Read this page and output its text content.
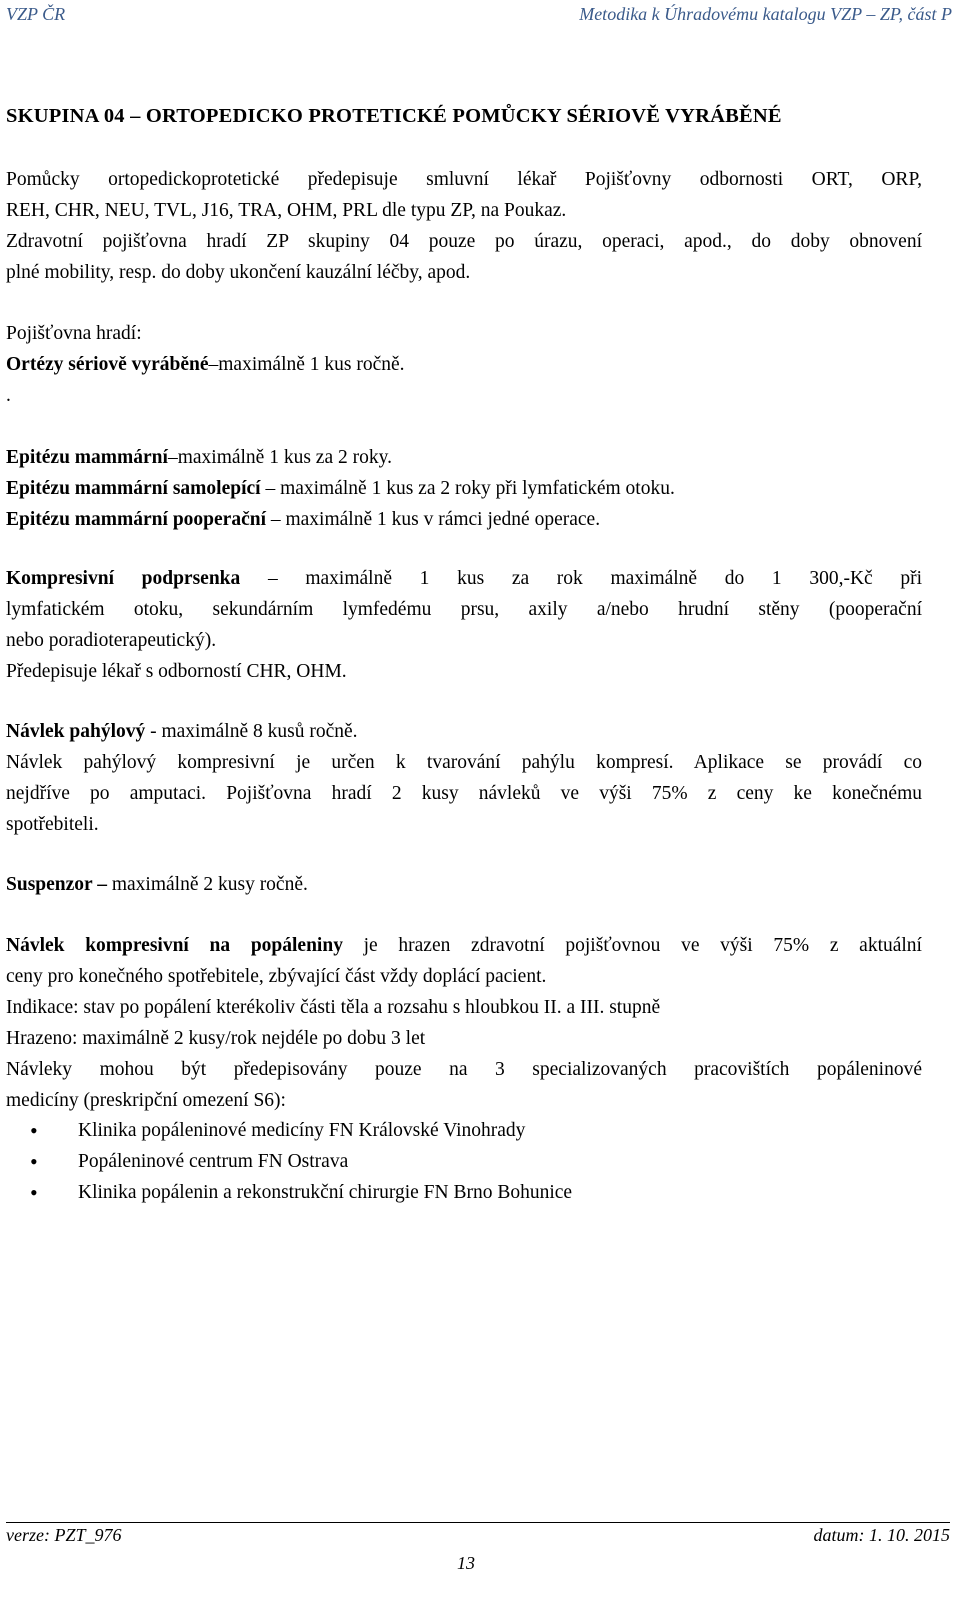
VZP ČR	Metodika k Úhradovému katalogu VZP – ZP, část P
SKUPINA 04 – ORTOPEDICKO PROTETICKÉ POMŮCKY SÉRIOVĚ VYRÁBĚNÉ
Pomůcky ortopedickoprotetické předepisuje smluvní lékař Pojišťovny odbornosti ORT, ORP,
REH, CHR, NEU, TVL, J16, TRA, OHM, PRL dle typu ZP, na Poukaz.
Zdravotní pojišťovna hradí ZP skupiny 04 pouze po úrazu, operaci, apod., do doby obnovení
plné mobility, resp. do doby ukončení kauzální léčby, apod.
Pojišťovna hradí:
Ortézy sériově vyráběné–maximálně 1 kus ročně.
.
Epitézu mammární–maximálně 1 kus za 2 roky.
Epitézu mammární samolepící – maximálně 1 kus za 2 roky při lymfatickém otoku.
Epitézu mammární pooperační – maximálně 1 kus v rámci jedné operace.
Kompresivní podprsenka – maximálně 1 kus za rok maximálně do 1 300,-Kč při
lymfatickém otoku, sekundárním lymfedému prsu, axily a/nebo hrudní stěny (pooperační
nebo poradioterapeutický).
Předepisuje lékař s odborností CHR, OHM.
Návlek pahýlový - maximálně 8 kusů ročně.
Návlek pahýlový kompresivní je určen k tvarování pahýlu kompresí. Aplikace se provádí co
nejdříve po amputaci. Pojišťovna hradí 2 kusy návleků ve výši 75% z ceny ke konečnému
spotřebiteli.
Suspenzor – maximálně 2 kusy ročně.
Návlek kompresivní na popáleniny je hrazen zdravotní pojišťovnou ve výši 75% z aktuální
ceny pro konečného spotřebitele, zbývající část vždy doplácí pacient.
Indikace: stav po popálení kterékoliv části těla a rozsahu s hloubkou II. a III. stupně
Hrazeno: maximálně 2 kusy/rok nejdéle po dobu 3 let
Návleky mohou být předepisovány pouze na 3 specializovaných pracovištích popáleninové
medicíny (preskripční omezení S6):
• Klinika popáleninové medicíny FN Královské Vinohrady
• Popáleninové centrum FN Ostrava
• Klinika popálenin a rekonstrukční chirurgie FN Brno Bohunice
verze: PZT_976	datum: 1. 10. 2015
13
